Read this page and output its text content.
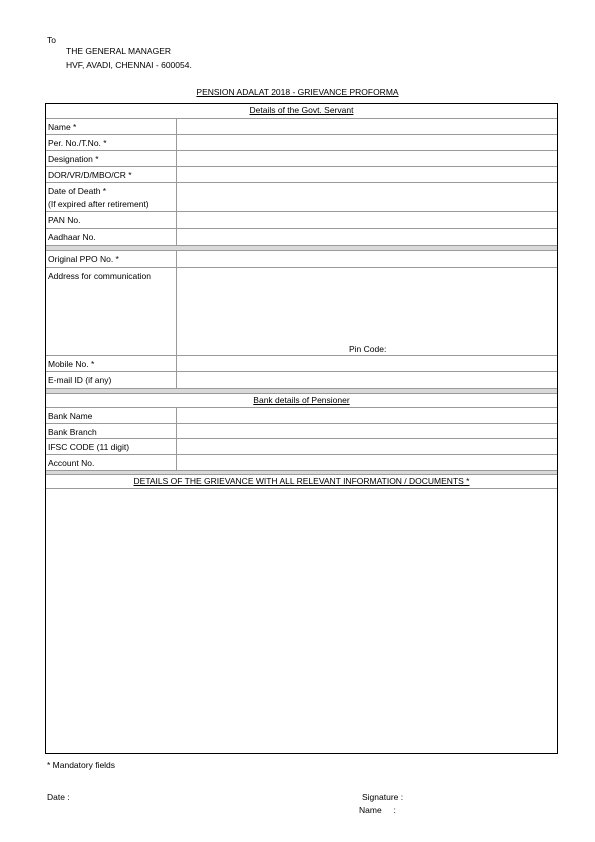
To
THE GENERAL MANAGER
HVF, AVADI, CHENNAI - 600054.
PENSION ADALAT 2018 - GRIEVANCE PROFORMA
Details of the Govt. Servant
Name *
Per. No./T.No. *
Designation *
DOR/VR/D/MBO/CR *
Date of Death *
(If expired after retirement)
PAN No.
Aadhaar No.
Original PPO No. *
Address for communication
Pin Code:
Mobile No. *
E-mail ID (if any)
Bank details of Pensioner
Bank Name
Bank Branch
IFSC CODE (11 digit)
Account No.
DETAILS OF THE GRIEVANCE WITH ALL RELEVANT INFORMATION / DOCUMENTS *
* Mandatory fields
Date :	Signature :
Name     :
